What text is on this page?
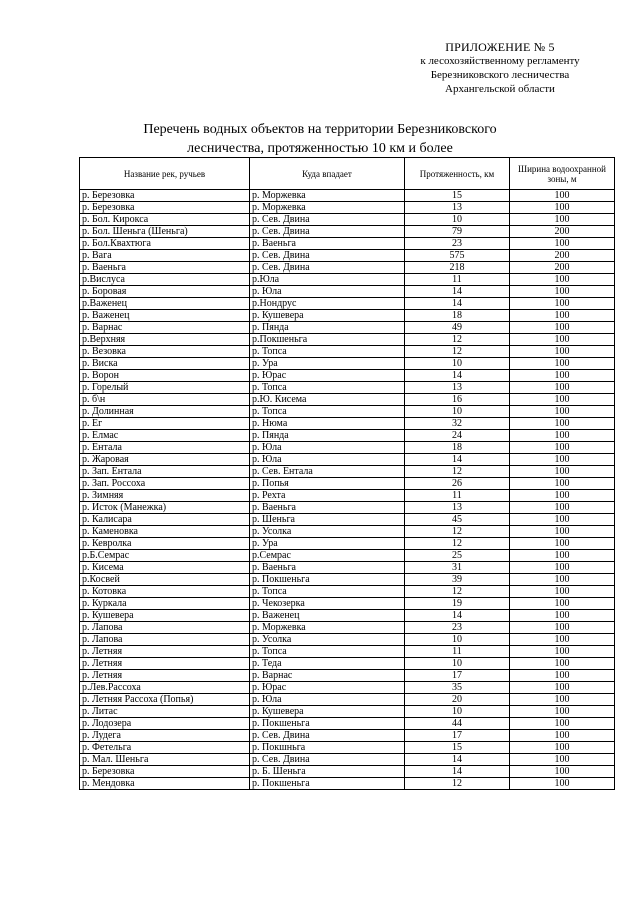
ПРИЛОЖЕНИЕ № 5
к лесохозяйственному регламенту
Березниковского лесничества
Архангельской области
Перечень водных объектов на территории Березниковского
лесничества, протяженностью 10 км и более
Название рек, ручьев	Куда впадает	Протяженность, км	Ширина водоохранной зоны, м
р. Березовка	р. Моржевка	15	100
р. Березовка	р. Моржевка	13	100
р. Бол. Кирокса	р. Сев. Двина	10	100
р. Бол. Шеньга (Шеньга)	р. Сев. Двина	79	200
р. Бол.Квахтюга	р. Ваеньга	23	100
р. Вага	р. Сев. Двина	575	200
р. Ваеньга	р. Сев. Двина	218	200
р.Вислуса	р.Юла	11	100
р. Боровая	р. Юла	14	100
р.Важенец	р.Нондрус	14	100
р. Важенец	р. Кушевера	18	100
р. Варнас	р. Пянда	49	100
р.Верхняя	р.Покшеньга	12	100
р. Везовка	р. Топса	12	100
р. Виска	р. Ура	10	100
р. Ворон	р. Юрас	14	100
р. Горелый	р. Топса	13	100
р. б\н	р.Ю. Кисема	16	100
р. Долинная	р. Топса	10	100
р. Ег	р. Нюма	32	100
р. Елмас	р. Пянда	24	100
р. Ентала	р. Юла	18	100
р. Жаровая	р. Юла	14	100
р. Зап. Ентала	р. Сев. Ентала	12	100
р. Зап. Россоха	р. Попья	26	100
р. Зимняя	р. Рехта	11	100
р. Исток (Манежка)	р. Ваеньга	13	100
р. Калисара	р. Шеньга	45	100
р. Каменовка	р. Усолка	12	100
р. Кевролка	р. Ура	12	100
р.Б.Семрас	р.Семрас	25	100
р. Кисема	р. Ваеньга	31	100
р.Косвей	р. Покшеньга	39	100
р. Котовка	р. Топса	12	100
р. Куркала	р. Чекозерка	19	100
р. Кушевера	р. Важенец	14	100
р. Лапова	р. Моржевка	23	100
р. Лапова	р. Усолка	10	100
р. Летняя	р. Топса	11	100
р. Летняя	р. Теда	10	100
р. Летняя	р. Варнас	17	100
р.Лев.Рассоха	р. Юрас	35	100
р. Летняя Рассоха (Попья)	р. Юла	20	100
р. Литас	р. Кушевера	10	100
р. Лодозера	р. Покшеньга	44	100
р. Лудега	р. Сев. Двина	17	100
р. Фетельга	р. Покшньга	15	100
р. Мал. Шеньга	р. Сев. Двина	14	100
р. Березовка	р. Б. Шеньга	14	100
р. Мендовка	р. Покшеньга	12	100
